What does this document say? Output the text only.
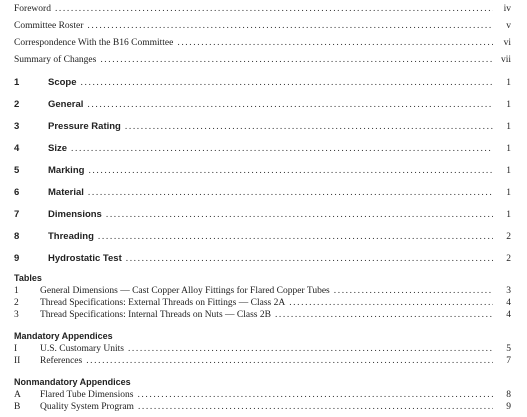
Foreword .....	iv
Committee Roster .....	v
Correspondence With the B16 Committee .....	vi
Summary of Changes .....	vii
1	Scope .....	1
2	General .....	1
3	Pressure Rating .....	1
4	Size .....	1
5	Marking .....	1
6	Material .....	1
7	Dimensions .....	1
8	Threading .....	2
9	Hydrostatic Test .....	2
Tables
1	General Dimensions — Cast Copper Alloy Fittings for Flared Copper Tubes .....	3
2	Thread Specifications: External Threads on Fittings — Class 2A .....	4
3	Thread Specifications: Internal Threads on Nuts — Class 2B .....	4
Mandatory Appendices
I	U.S. Customary Units .....	5
II	References .....	7
Nonmandatory Appendices
A	Flared Tube Dimensions .....	8
B	Quality System Program .....	9
